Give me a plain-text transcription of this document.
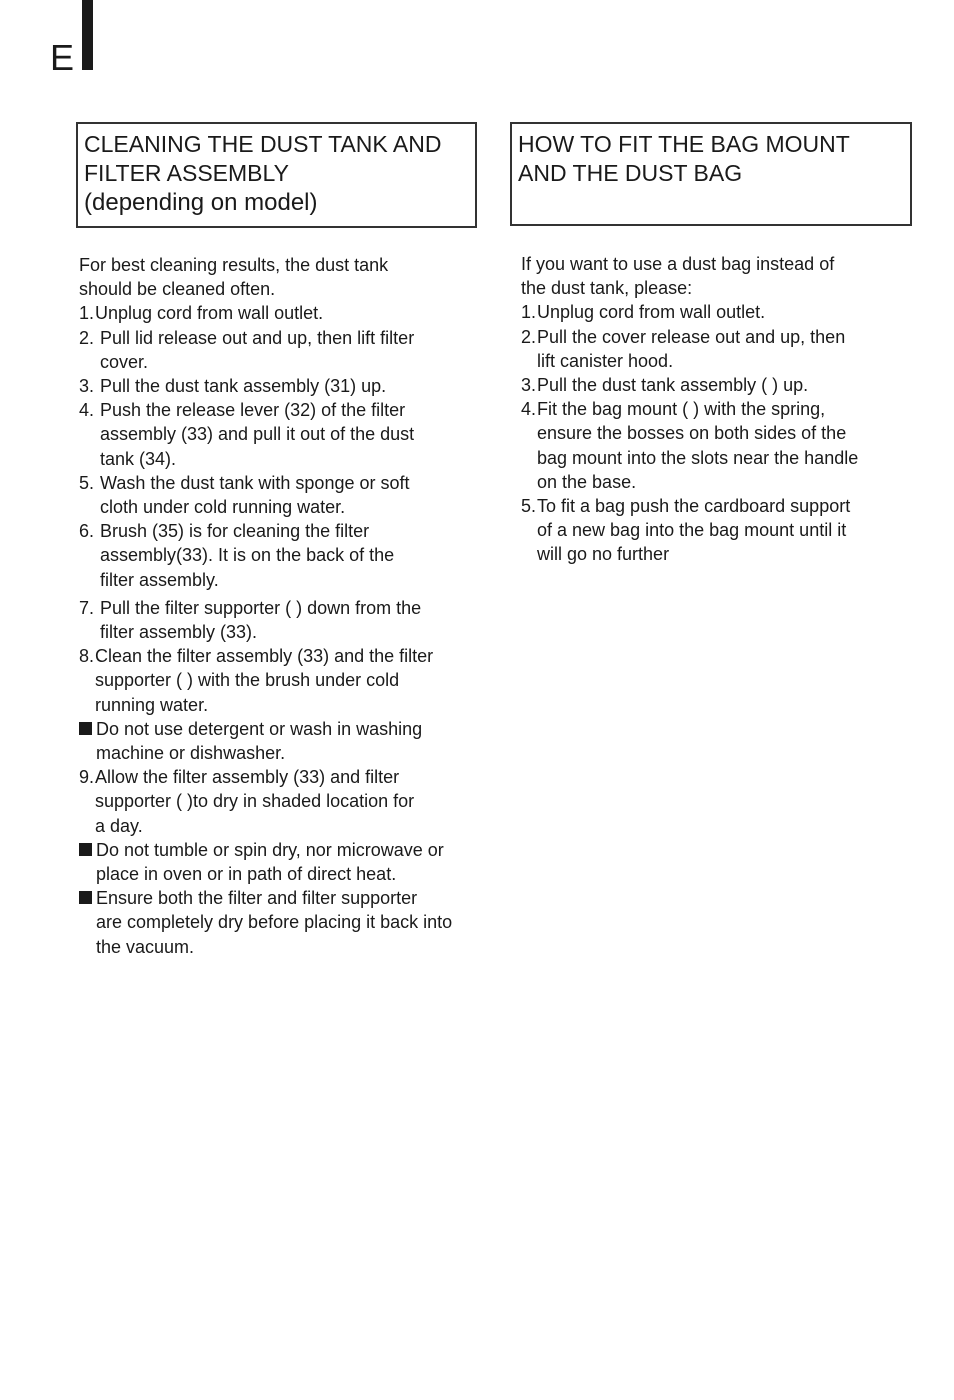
E
CLEANING THE DUST TANK AND
FILTER ASSEMBLY
(depending on model)
HOW TO FIT THE BAG MOUNT
AND THE DUST BAG
For best cleaning results, the dust tank
should be cleaned often.
1. Unplug cord from wall outlet.
2. Pull lid release out and up, then lift filter
cover.
3. Pull the dust tank assembly (31) up.
4. Push the release lever (32) of the filter
assembly (33) and pull it out of the dust
tank (34).
5. Wash the dust tank with sponge or soft
cloth under cold running water.
6. Brush (35) is for cleaning the filter
assembly(33). It is on the back of the
filter assembly.
7. Pull the filter supporter ( ) down from the
filter assembly (33).
8. Clean the filter assembly (33) and the filter
supporter ( ) with the brush under cold
running water.
Do not use detergent or wash in washing
machine or dishwasher.
9. Allow the filter assembly (33) and filter
supporter ( )to dry in shaded location for
a day.
Do not tumble or spin dry, nor microwave or
place in oven or in path of direct heat.
Ensure both the filter and filter supporter
are completely dry before placing it back into
the vacuum.
If you want to use a dust bag instead of
the dust tank, please:
1. Unplug cord from wall outlet.
2. Pull the cover release out and up, then
lift canister hood.
3. Pull the dust tank assembly ( ) up.
4. Fit the bag mount ( ) with the spring,
ensure the bosses on both sides of the
bag mount into the slots near the handle
on the base.
5. To fit a bag push the cardboard support
of a new bag into the bag mount until it
will go no further
